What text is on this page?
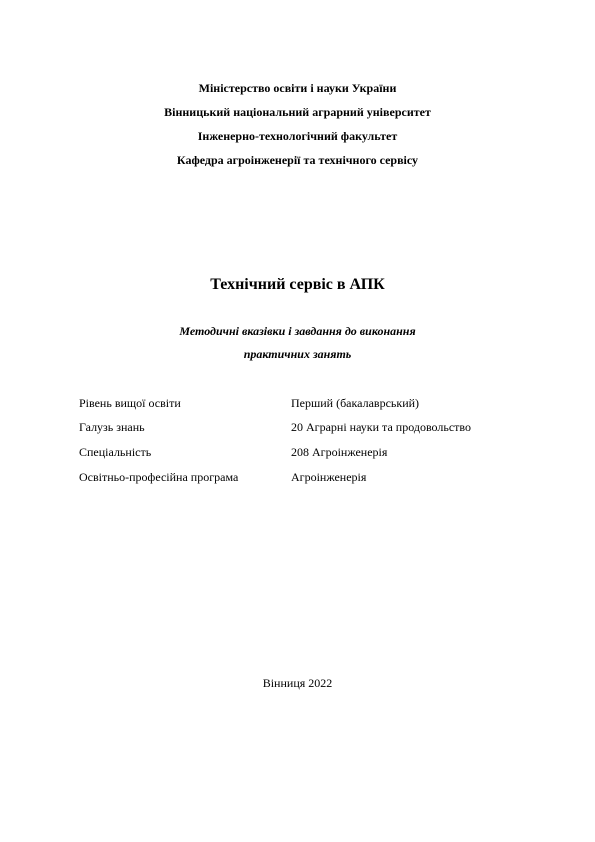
Міністерство освіти і науки України
Вінницький національний аграрний університет
Інженерно-технологічний факультет
Кафедра агроінженерії та технічного сервісу
Технічний сервіс в АПК
Методичні вказівки і завдання до виконання
практичних занять
Рівень вищої освіти	Перший (бакалаврський)
Галузь знань	20 Аграрні науки та продовольство
Спеціальність	208 Агроінженерія
Освітньо-професійна програма	Агроінженерія
Вінниця 2022
